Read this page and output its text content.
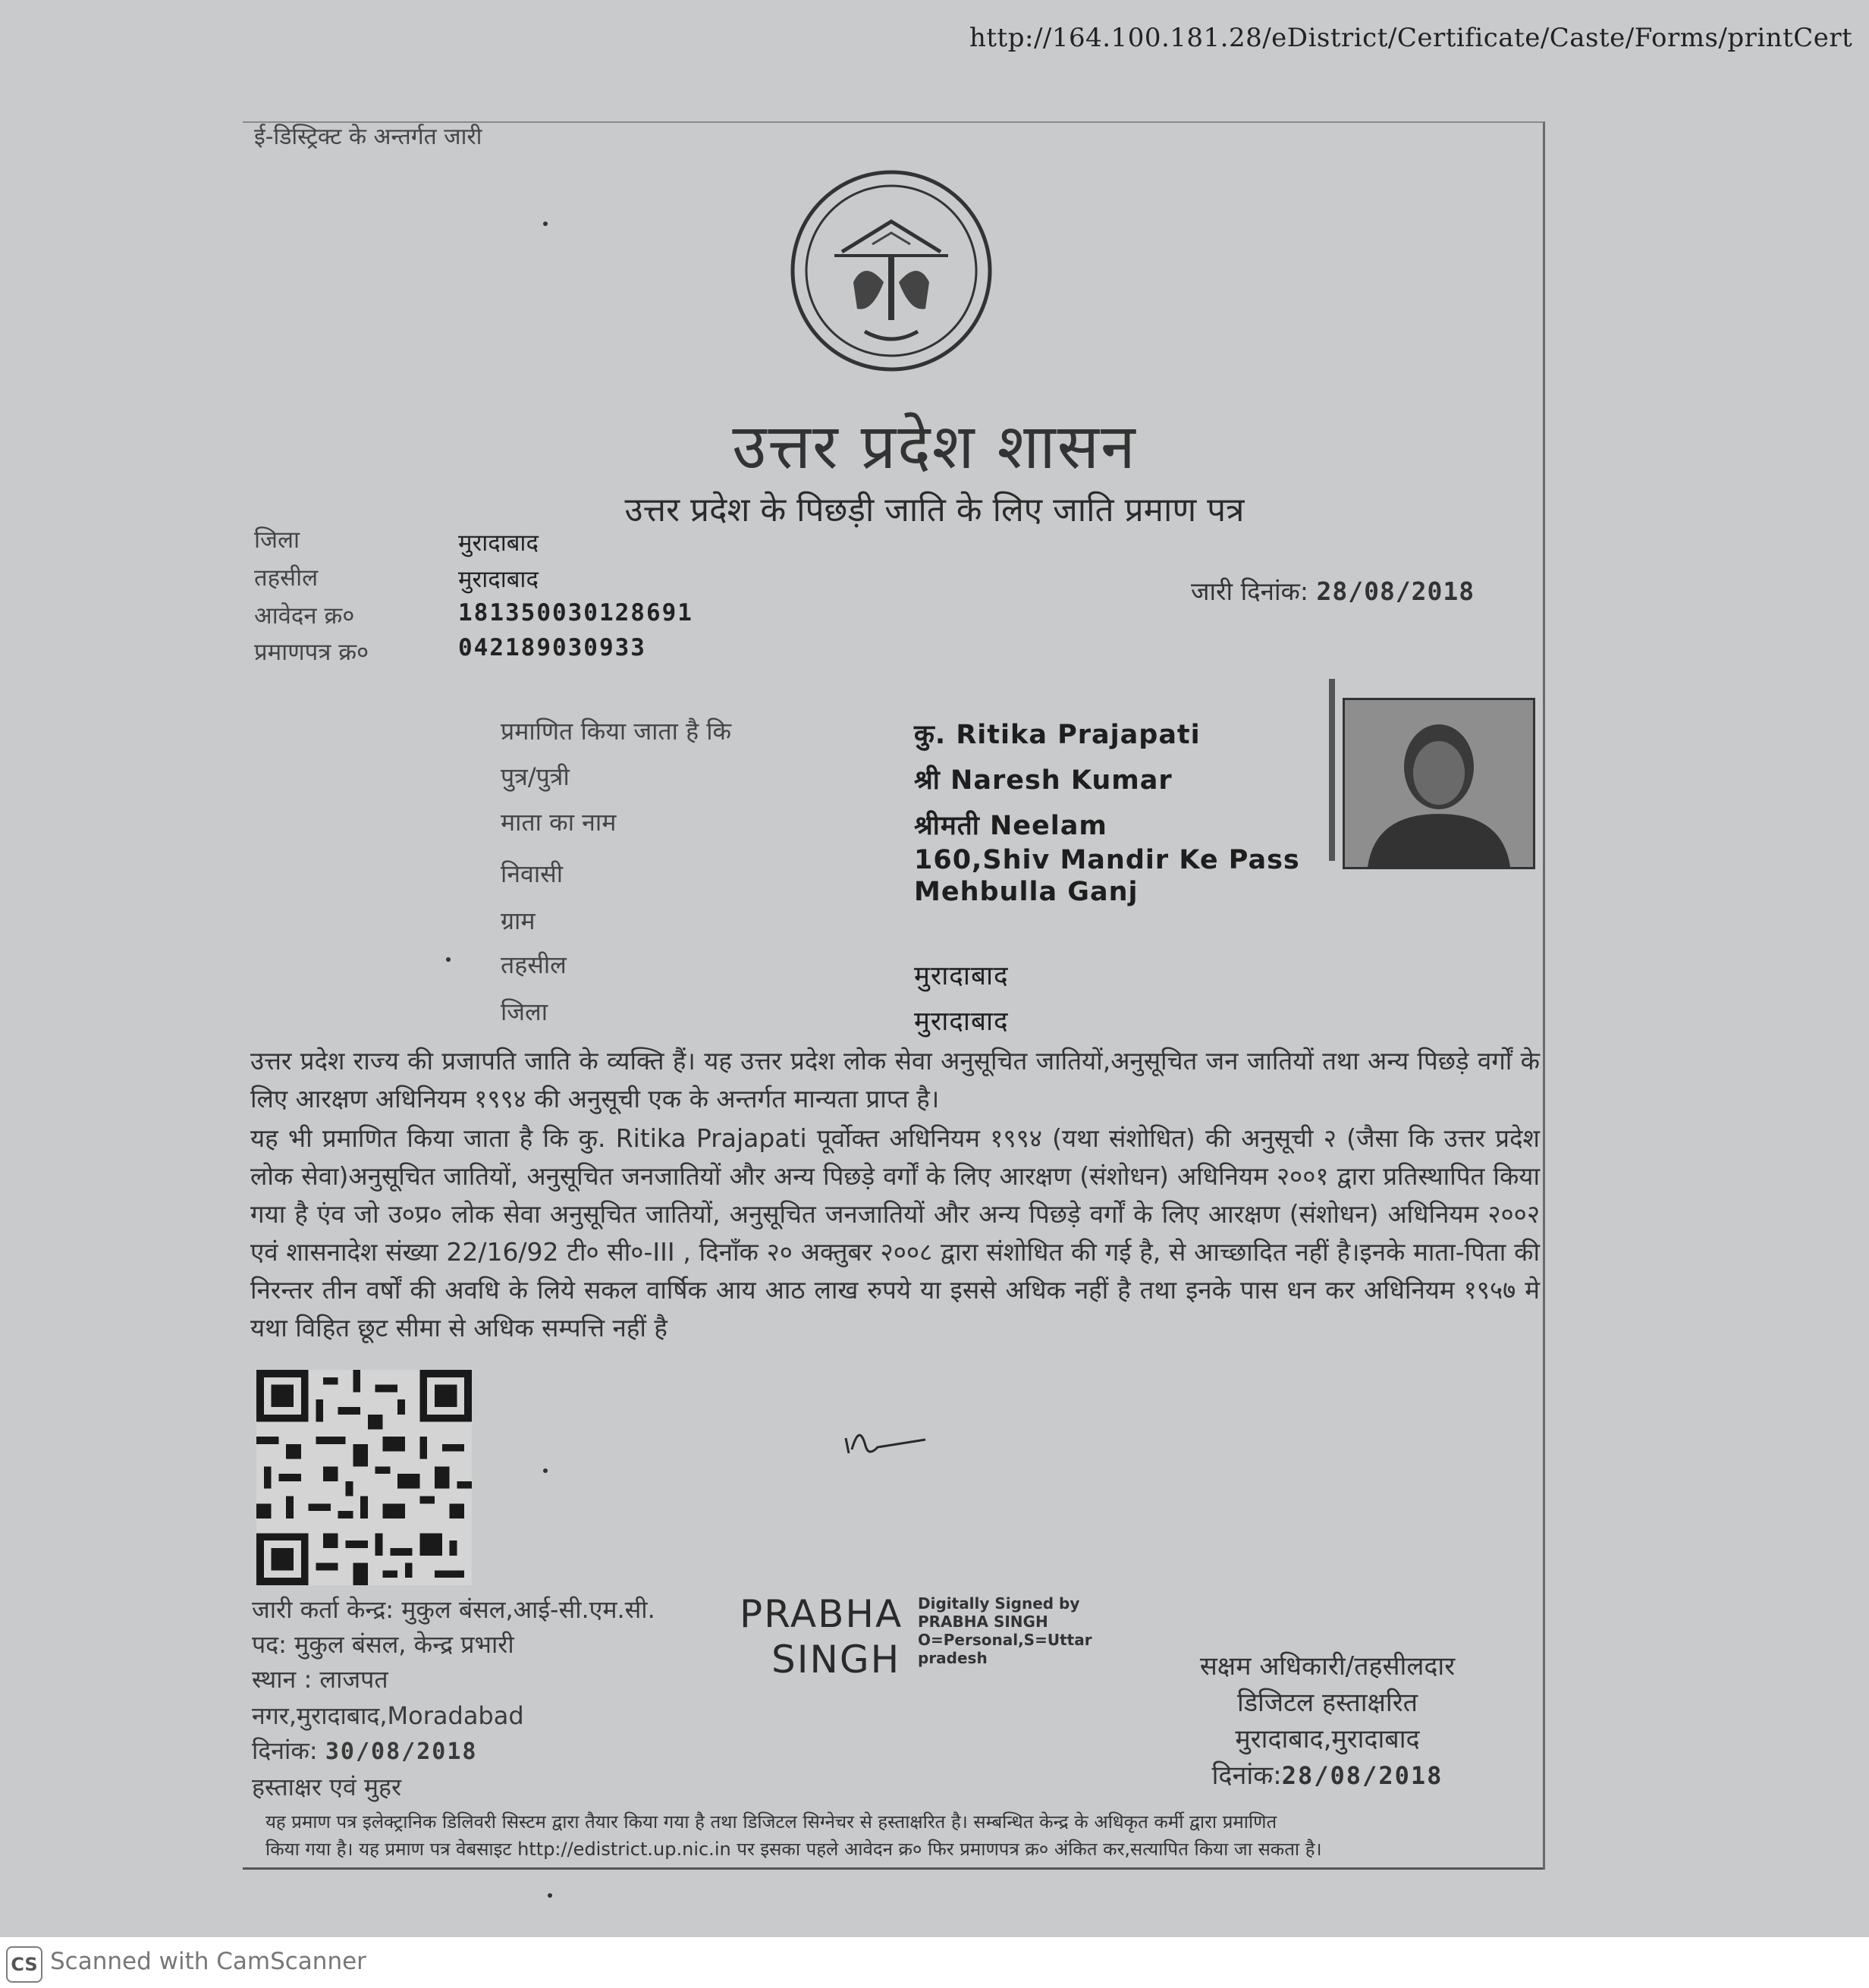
http://164.100.181.28/eDistrict/Certificate/Caste/Forms/printCert
ई-डिस्ट्रिक्ट के अन्तर्गत जारी
उत्तर प्रदेश शासन
उत्तर प्रदेश के पिछड़ी जाति के लिए जाति प्रमाण पत्र
जिला	मुरादाबाद
तहसील	मुरादाबाद
आवेदन क्र०	181350030128691
प्रमाणपत्र क्र०	042189030933
जारी दिनांक: 28/08/2018
प्रमाणित किया जाता है कि	कु. Ritika Prajapati
पुत्र/पुत्री	श्री Naresh Kumar
माता का नाम	श्रीमती Neelam
निवासी	160,Shiv Mandir Ke Pass
Mehbulla Ganj
ग्राम
तहसील	मुरादाबाद
जिला	मुरादाबाद
उत्तर प्रदेश राज्य की प्रजापति जाति के व्यक्ति हैं। यह उत्तर प्रदेश लोक सेवा अनुसूचित जातियों,अनुसूचित जन जातियों तथा अन्य पिछड़े वर्गों के लिए आरक्षण अधिनियम १९९४ की अनुसूची एक के अन्तर्गत मान्यता प्राप्त है।
यह भी प्रमाणित किया जाता है कि कु. Ritika Prajapati पूर्वोक्त अधिनियम १९९४ (यथा संशोधित) की अनुसूची २ (जैसा कि उत्तर प्रदेश लोक सेवा)अनुसूचित जातियों, अनुसूचित जनजातियों और अन्य पिछड़े वर्गों के लिए आरक्षण (संशोधन) अधिनियम २००१ द्वारा प्रतिस्थापित किया गया है एंव जो उ०प्र० लोक सेवा अनुसूचित जातियों, अनुसूचित जनजातियों और अन्य पिछड़े वर्गों के लिए आरक्षण (संशोधन) अधिनियम २००२ एवं शासनादेश संख्या 22/16/92 टी० सी०-III , दिनाँक २० अक्तुबर २००८ द्वारा संशोधित की गई है, से आच्छादित नहीं है।इनके माता-पिता की निरन्तर तीन वर्षों की अवधि के लिये सकल वार्षिक आय आठ लाख रुपये या इससे अधिक नहीं है तथा इनके पास धन कर अधिनियम १९५७ मे यथा विहित छूट सीमा से अधिक सम्पत्ति नहीं है
जारी कर्ता केन्द्र: मुकुल बंसल,आई-सी.एम.सी.
पद: मुकुल बंसल, केन्द्र प्रभारी
स्थान : लाजपत
नगर,मुरादाबाद,Moradabad
दिनांक: 30/08/2018
हस्ताक्षर एवं मुहर
PRABHA
SINGH
Digitally Signed by
PRABHA SINGH
O=Personal,S=Uttar
pradesh	सक्षम अधिकारी/तहसीलदार
डिजिटल हस्ताक्षरित
मुरादाबाद,मुरादाबाद
दिनांक:28/08/2018
यह प्रमाण पत्र इलेक्ट्रानिक डिलिवरी सिस्टम द्वारा तैयार किया गया है तथा डिजिटल सिग्नेचर से हस्ताक्षरित है। सम्बन्धित केन्द्र के अधिकृत कर्मी द्वारा प्रमाणित
किया गया है। यह प्रमाण पत्र वेबसाइट http://edistrict.up.nic.in पर इसका पहले आवेदन क्र० फिर प्रमाणपत्र क्र० अंकित कर,सत्यापित किया जा सकता है।
CS Scanned with CamScanner
